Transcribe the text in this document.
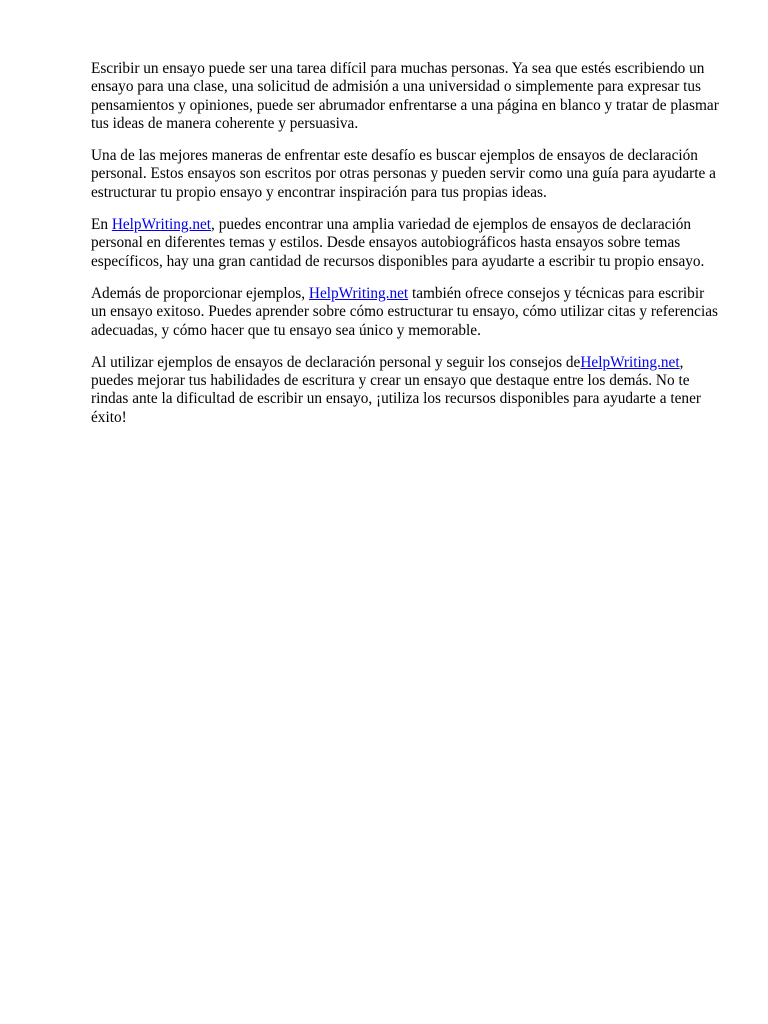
Escribir un ensayo puede ser una tarea difícil para muchas personas. Ya sea que estés escribiendo un ensayo para una clase, una solicitud de admisión a una universidad o simplemente para expresar tus pensamientos y opiniones, puede ser abrumador enfrentarse a una página en blanco y tratar de plasmar tus ideas de manera coherente y persuasiva.

Una de las mejores maneras de enfrentar este desafío es buscar ejemplos de ensayos de declaración personal. Estos ensayos son escritos por otras personas y pueden servir como una guía para ayudarte a estructurar tu propio ensayo y encontrar inspiración para tus propias ideas.

En HelpWriting.net, puedes encontrar una amplia variedad de ejemplos de ensayos de declaración personal en diferentes temas y estilos. Desde ensayos autobiográficos hasta ensayos sobre temas específicos, hay una gran cantidad de recursos disponibles para ayudarte a escribir tu propio ensayo.

Además de proporcionar ejemplos, HelpWriting.net también ofrece consejos y técnicas para escribir un ensayo exitoso. Puedes aprender sobre cómo estructurar tu ensayo, cómo utilizar citas y referencias adecuadas, y cómo hacer que tu ensayo sea único y memorable.

Al utilizar ejemplos de ensayos de declaración personal y seguir los consejos deHelpWriting.net, puedes mejorar tus habilidades de escritura y crear un ensayo que destaque entre los demás. No te rindas ante la dificultad de escribir un ensayo, ¡utiliza los recursos disponibles para ayudarte a tener éxito!
